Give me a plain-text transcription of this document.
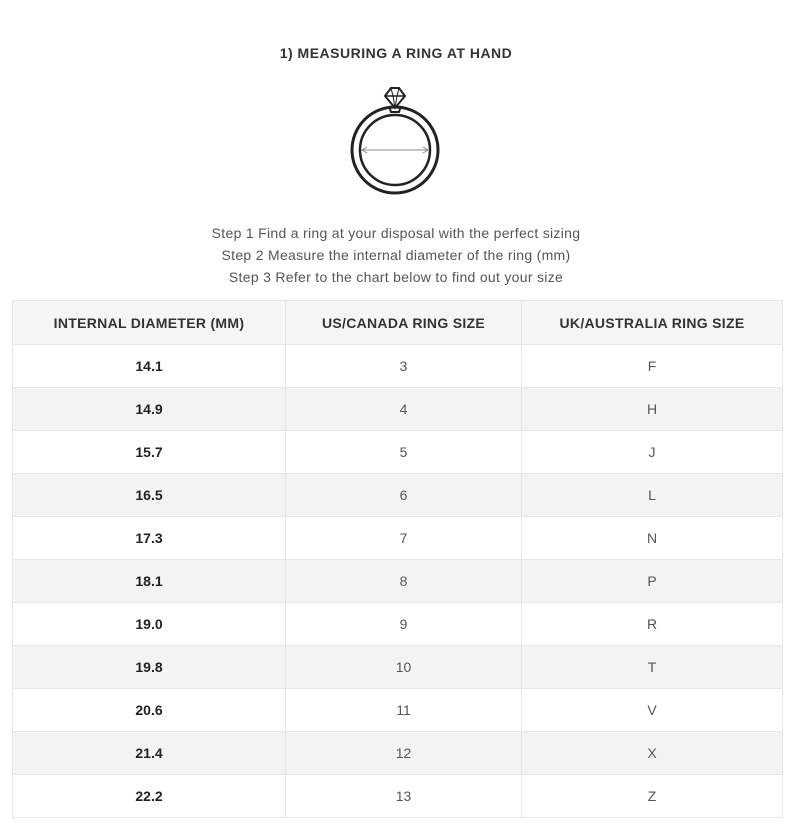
1) MEASURING A RING AT HAND
Step 1 Find a ring at your disposal with the perfect sizing
Step 2 Measure the internal diameter of the ring (mm)
Step 3 Refer to the chart below to find out your size
INTERNAL DIAMETER (MM)	US/CANADA RING SIZE	UK/AUSTRALIA RING SIZE
14.1	3	F
14.9	4	H
15.7	5	J
16.5	6	L
17.3	7	N
18.1	8	P
19.0	9	R
19.8	10	T
20.6	11	V
21.4	12	X
22.2	13	Z
